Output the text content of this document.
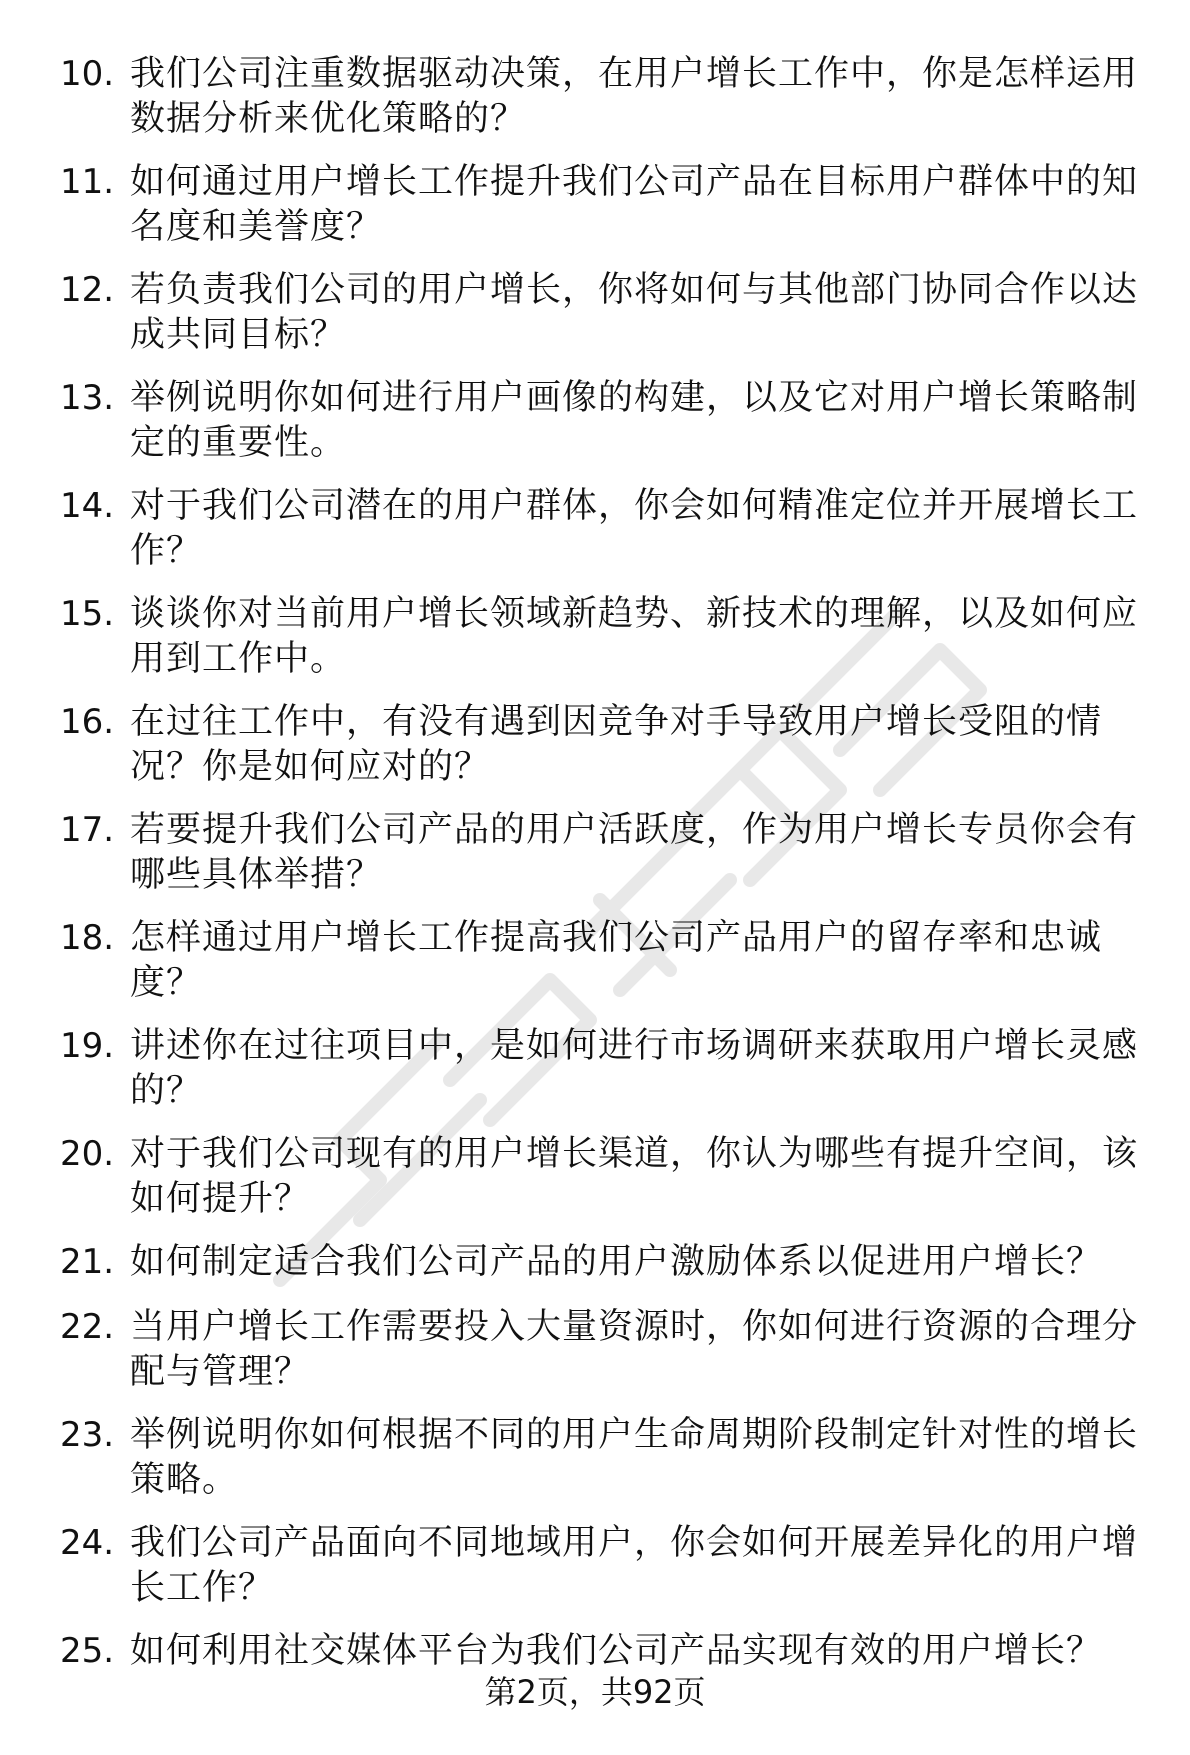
10. 我们公司注重数据驱动决策，在用户增长工作中，你是怎样运用数据分析来优化策略的？
11. 如何通过用户增长工作提升我们公司产品在目标用户群体中的知名度和美誉度？
12. 若负责我们公司的用户增长，你将如何与其他部门协同合作以达成共同目标？
13. 举例说明你如何进行用户画像的构建，以及它对用户增长策略制定的重要性。
14. 对于我们公司潜在的用户群体，你会如何精准定位并开展增长工作？
15. 谈谈你对当前用户增长领域新趋势、新技术的理解，以及如何应用到工作中。
16. 在过往工作中，有没有遇到因竞争对手导致用户增长受阻的情况？你是如何应对的？
17. 若要提升我们公司产品的用户活跃度，作为用户增长专员你会有哪些具体举措？
18. 怎样通过用户增长工作提高我们公司产品用户的留存率和忠诚度？
19. 讲述你在过往项目中，是如何进行市场调研来获取用户增长灵感的？
20. 对于我们公司现有的用户增长渠道，你认为哪些有提升空间，该如何提升？
21. 如何制定适合我们公司产品的用户激励体系以促进用户增长？
22. 当用户增长工作需要投入大量资源时，你如何进行资源的合理分配与管理？
23. 举例说明你如何根据不同的用户生命周期阶段制定针对性的增长策略。
24. 我们公司产品面向不同地域用户，你会如何开展差异化的用户增长工作？
25. 如何利用社交媒体平台为我们公司产品实现有效的用户增长？
第2页，共92页
